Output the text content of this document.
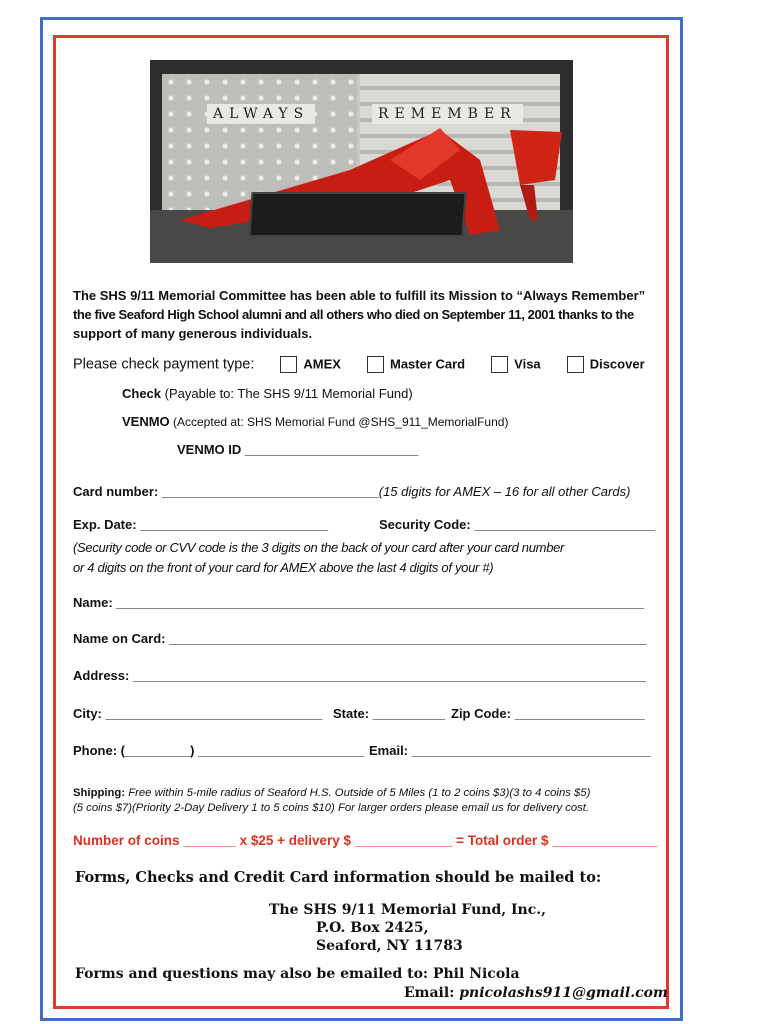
ALWAYS	REMEMBER
The SHS 9/11 Memorial Committee has been able to fulfill its Mission to “Always Remember”
the five Seaford High School alumni and all others who died on September 11, 2001 thanks to the
support of many generous individuals.
Please check payment type:	AMEX	Master Card	Visa	Discover
Check (Payable to: The SHS 9/11 Memorial Fund)
VENMO (Accepted at: SHS Memorial Fund @SHS_911_MemorialFund)
VENMO ID ________________________
Card number: ______________________________(15 digits for AMEX – 16 for all other Cards)
Exp. Date: __________________________	Security Code: _________________________
(Security code or CVV code is the 3 digits on the back of your card after your card number
or 4 digits on the front of your card for AMEX above the last 4 digits of your #)
Name: _________________________________________________________________________
Name on Card: __________________________________________________________________
Address: _______________________________________________________________________
City: ______________________________ State: __________ Zip Code: __________________
Phone: (_________) _______________________ Email: _________________________________
Shipping: Free within 5-mile radius of Seaford H.S. Outside of 5 Miles (1 to 2 coins $3)(3 to 4 coins $5)
(5 coins $7)(Priority 2-Day Delivery 1 to 5 coins $10) For larger orders please email us for delivery cost.
Number of coins _______ x $25 + delivery $ _____________ = Total order $ ______________
Forms, Checks and Credit Card information should be mailed to:
The SHS 9/11 Memorial Fund, Inc.,
P.O. Box 2425,
Seaford, NY 11783
Forms and questions may also be emailed to: Phil Nicola
Email: pnicolashs911@gmail.com
